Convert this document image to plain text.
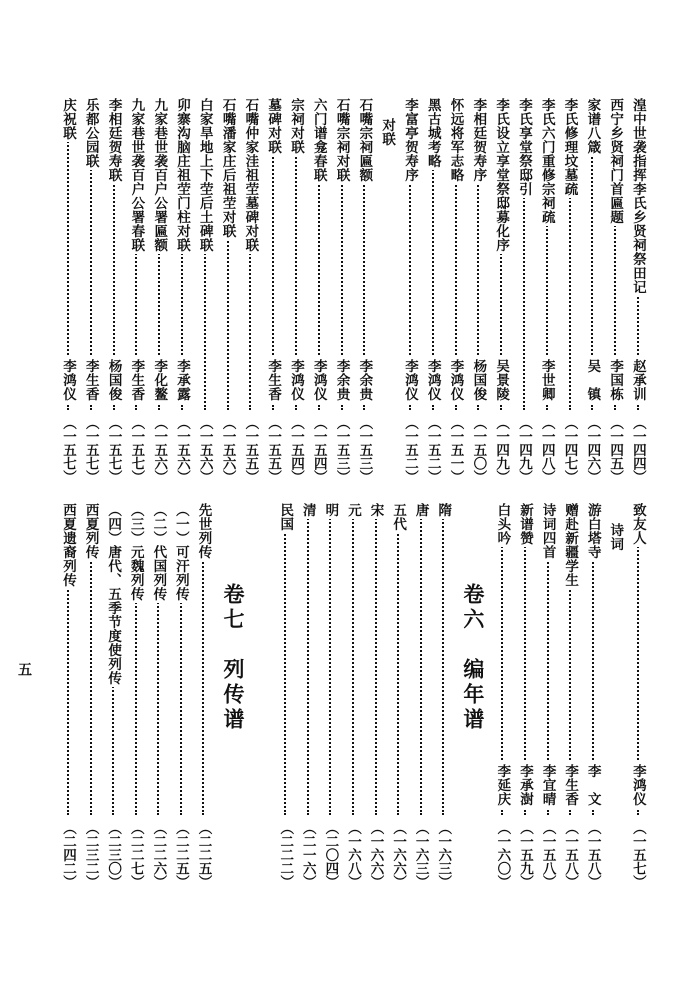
湟中世袭指挥李氏乡贤祠祭田记
赵承训
（一四四）
西宁乡贤祠门首匾题
李国栋
（一四五）
家谱八箴
吴　镇
（一四六）
李氏修理坟墓疏
（一四七）
李氏六门重修宗祠疏
李世卿
（一四八）
李氏享堂祭邸引
（一四九）
李氏设立享堂祭邸募化序
吴景陵
（一四九）
李相廷贺寿序
杨国俊
（一五〇）
怀远将军志略
李鸿仪
（一五一）
黑古城考略
李鸿仪
（一五二）
李富亭贺寿序
李鸿仪
（一五二）
对联
石嘴宗祠匾额
李余贵
（一五三）
石嘴宗祠对联
李余贵
（一五三）
六门谱龛春联
李鸿仪
（一五四）
宗祠对联
李鸿仪
（一五四）
墓碑对联
李生香
（一五五）
石嘴仲家洼祖茔墓碑对联
（一五五）
石嘴潘家庄后祖茔对联
（一五六）
白家旱地上下茔后土碑联
（一五六）
卯寨沟脑庄祖茔门柱对联
李承露
（一五六）
九家巷世袭百户公署匾额
李化鳌
（一五六）
九家巷世袭百户公署春联
李生香
（一五七）
李相廷贺寿联
杨国俊
（一五七）
乐都公园联
李生香
（一五七）
庆祝联
李鸿仪
（一五七）
致友人
李鸿仪
（一五七）
诗词
游白塔寺
李　文
（一五八）
赠赴新疆学生
李生香
（一五八）
诗词四首
李宜晴
（一五八）
新谱赞
李承澍
（一五九）
白头吟
李延庆
（一六〇）
卷六　编年谱
隋
（一六三）
唐
（一六三）
五代
（一六六）
宋
（一六六）
元
（一六八）
明
（二〇四）
清
（二一六）
民国
（二二二）
卷七　列传谱
先世列传
（二二五）
（一）可汗列传
（二二五）
（二）代国列传
（二二六）
（三）元魏列传
（二二七）
（四）唐代、五季节度使列传
（二三〇）
西夏列传
（二三二）
西夏遗裔列传
（二四二）
五
